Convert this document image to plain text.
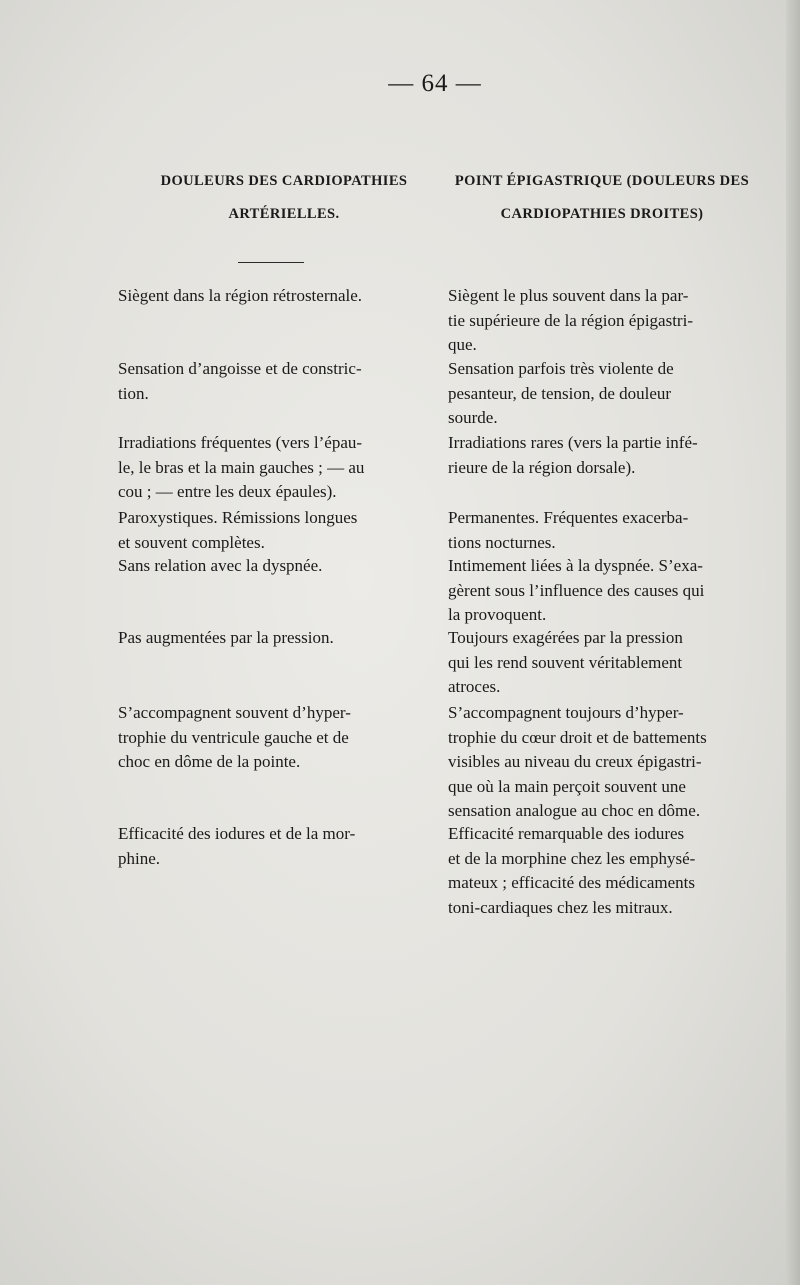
— 64 —
DOULEURS DES CARDIOPATHIES
ARTÉRIELLES.
POINT ÉPIGASTRIQUE (DOULEURS DES
CARDIOPATHIES DROITES)
Siègent dans la région rétrosternale.
Sensation d’angoisse et de constric-
tion.
Irradiations fréquentes (vers l’épau-
le, le bras et la main gauches ; — au
cou ; — entre les deux épaules).
Paroxystiques. Rémissions longues
et souvent complètes.
Sans relation avec la dyspnée.
Pas augmentées par la pression.
S’accompagnent souvent d’hyper-
trophie du ventricule gauche et de
choc en dôme de la pointe.
Efficacité des iodures et de la mor-
phine.
Siègent le plus souvent dans la par-
tie supérieure de la région épigastri-
que.
Sensation parfois très violente de
pesanteur, de tension, de douleur
sourde.
Irradiations rares (vers la partie infé-
rieure de la région dorsale).
Permanentes. Fréquentes exacerba-
tions nocturnes.
Intimement liées à la dyspnée. S’exa-
gèrent sous l’influence des causes qui
la provoquent.
Toujours exagérées par la pression
qui les rend souvent véritablement
atroces.
S’accompagnent toujours d’hyper-
trophie du cœur droit et de battements
visibles au niveau du creux épigastri-
que où la main perçoit souvent une
sensation analogue au choc en dôme.
Efficacité remarquable des iodures
et de la morphine chez les emphysé-
mateux ; efficacité des médicaments
toni-cardiaques chez les mitraux.
